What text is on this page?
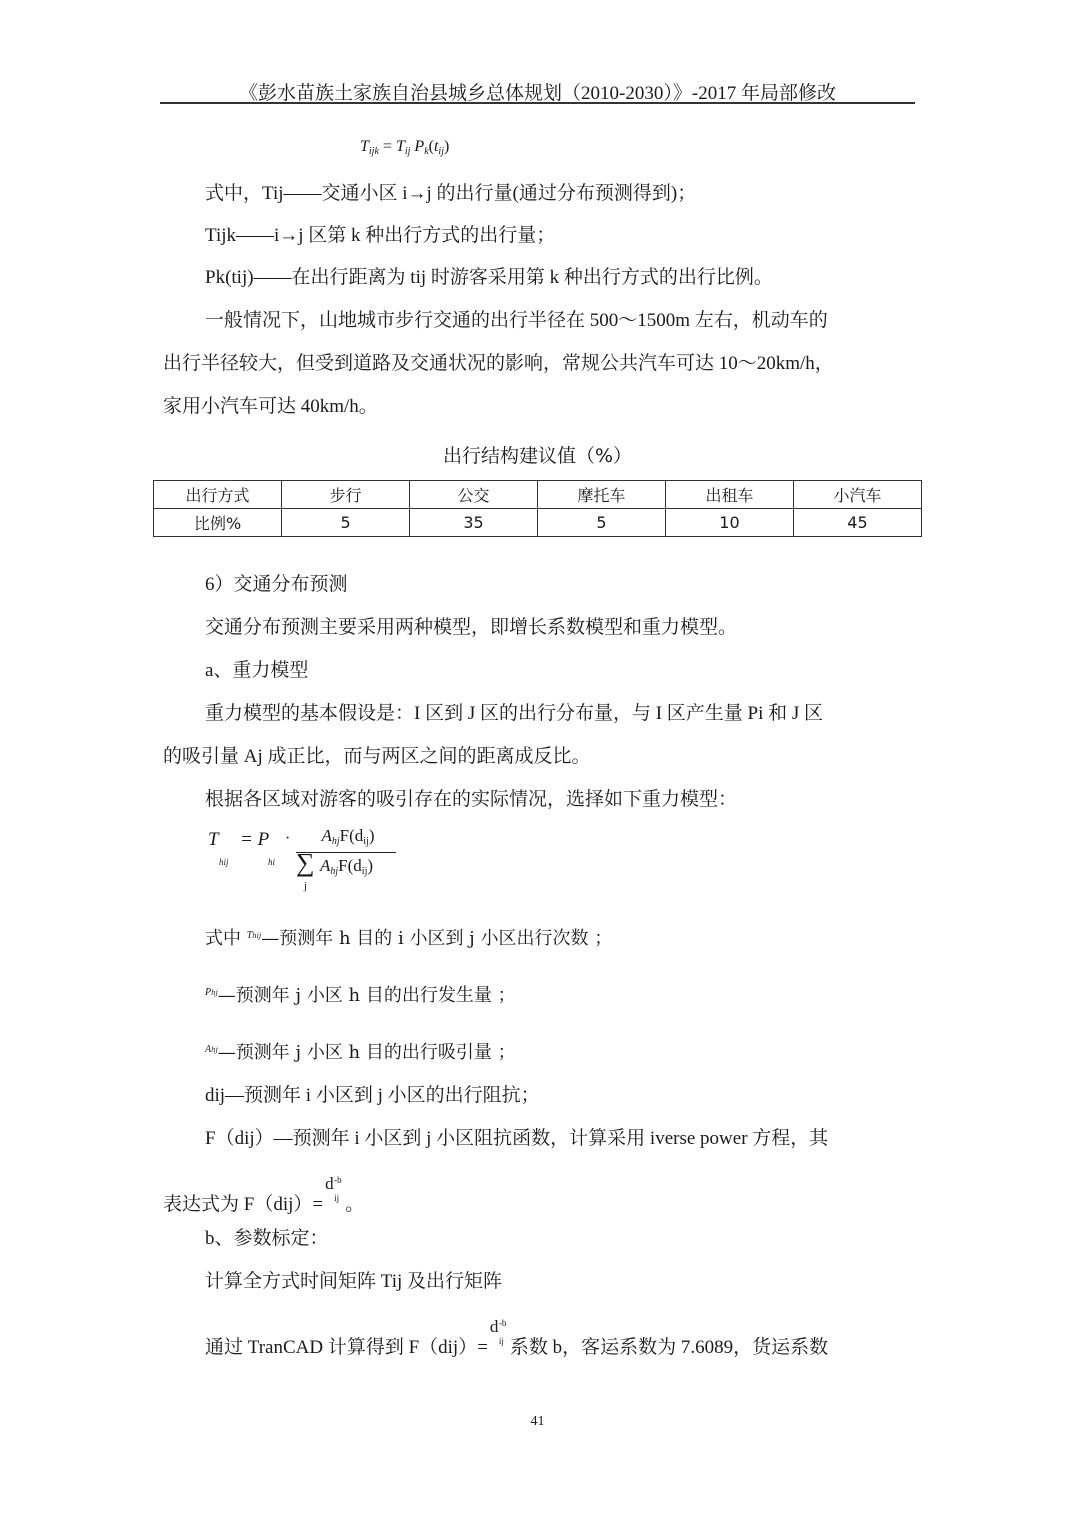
《彭水苗族土家族自治县城乡总体规划（2010-2030）》-2017 年局部修改
$T_{ijk} = T_{ij}$ $P_k(t_{ij})$
式中，Tij——交通小区 i→j 的出行量(通过分布预测得到)；
Tijk——i→j 区第 k 种出行方式的出行量；
Pk(tij)——在出行距离为 tij 时游客采用第 k 种出行方式的出行比例。
一般情况下，山地城市步行交通的出行半径在 500～1500m 左右，机动车的
出行半径较大，但受到道路及交通状况的影响，常规公共汽车可达 10～20km/h，
家用小汽车可达 40km/h。
出行结构建议值（%）
出行方式	步行	公交	摩托车	出租车	小汽车
比例%	5	35	5	10	45
6）交通分布预测
交通分布预测主要采用两种模型，即增长系数模型和重力模型。
a、重力模型
重力模型的基本假设是：I 区到 J 区的出行分布量，与 I 区产生量 Pi 和 J 区
的吸引量 Aj 成正比，而与两区之间的距离成反比。
根据各区域对游客的吸引存在的实际情况，选择如下重力模型：
T
hij
= P
hi
·	$A_{hj}F(d_{ij})$
∑
j
$A_{hj}F(d_{ij})$
式中 $^{Thij}$—预测年 h 目的 i 小区到 j 小区出行次数 ；
$^{Phj}$—预测年 j 小区 h 目的出行发生量 ；
$^{Ahj}$—预测年 j 小区 h 目的出行吸引量 ；
dij—预测年 i 小区到 j 小区的出行阻抗；
F（dij）—预测年 i 小区到 j 小区阻抗函数，计算采用 iverse power 方程，其
表达式为 F（dij）=
d -b
ij 。
b、参数标定：
计算全方式时间矩阵 Tij 及出行矩阵
通过 TranCAD 计算得到 F（dij）=
d -b
ij 系数 b，客运系数为 7.6089，货运系数
41
